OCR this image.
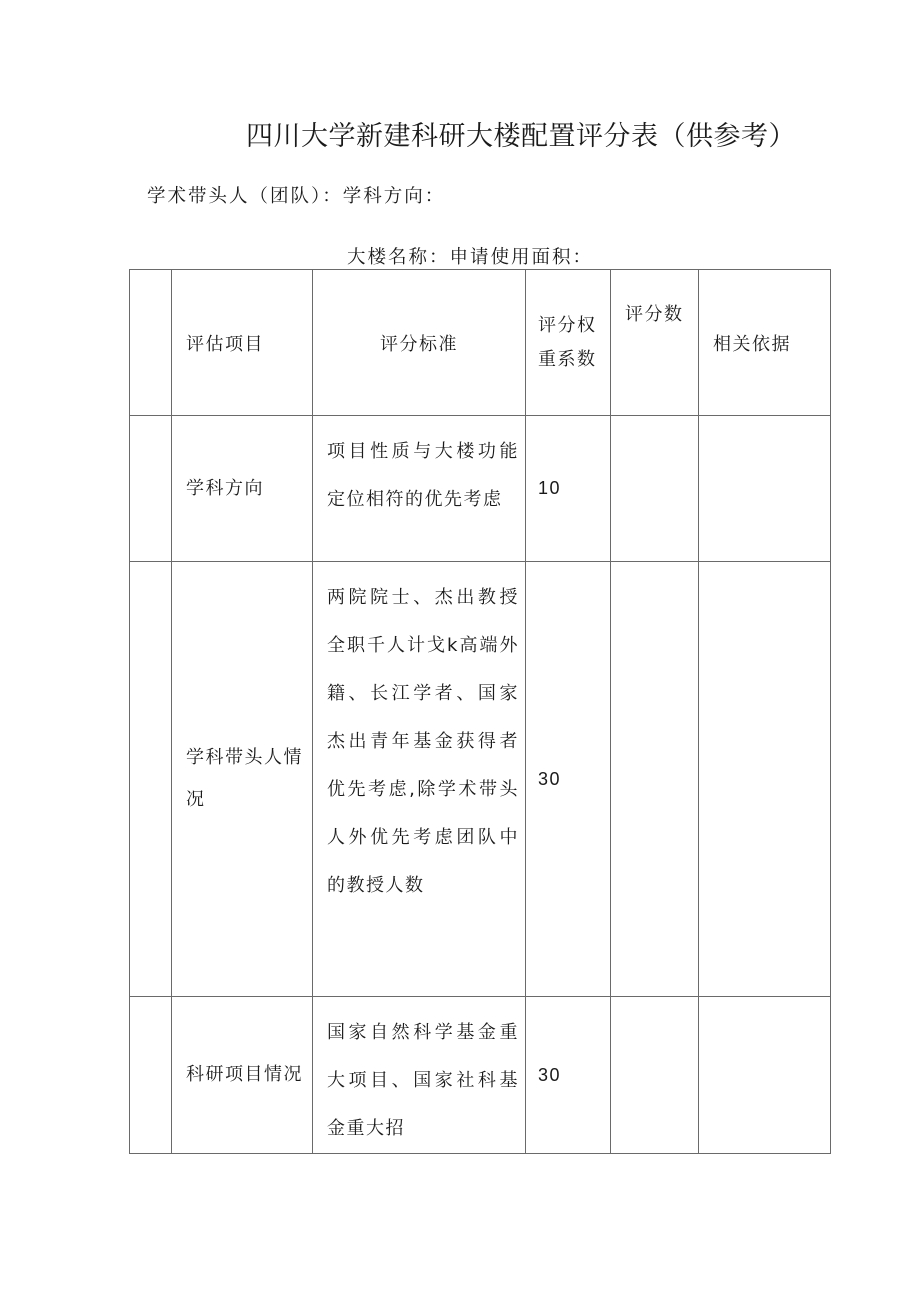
四川大学新建科研大楼配置评分表（供参考）
学术带头人（团队）：学科方向：
大楼名称：申请使用面积：
	评估项目	评分标准	评分权重系数	评分数	相关依据
	学科方向	项目性质与大楼功能定位相符的优先考虑	10		
	学科带头人情况	两院院士、杰出教授全职千人计戈k高端外籍、长江学者、国家杰出青年基金获得者优先考虑,除学术带头人外优先考虑团队中的教授人数	30		
	科研项目情况	国家自然科学基金重大项目、国家社科基金重大招	30		
